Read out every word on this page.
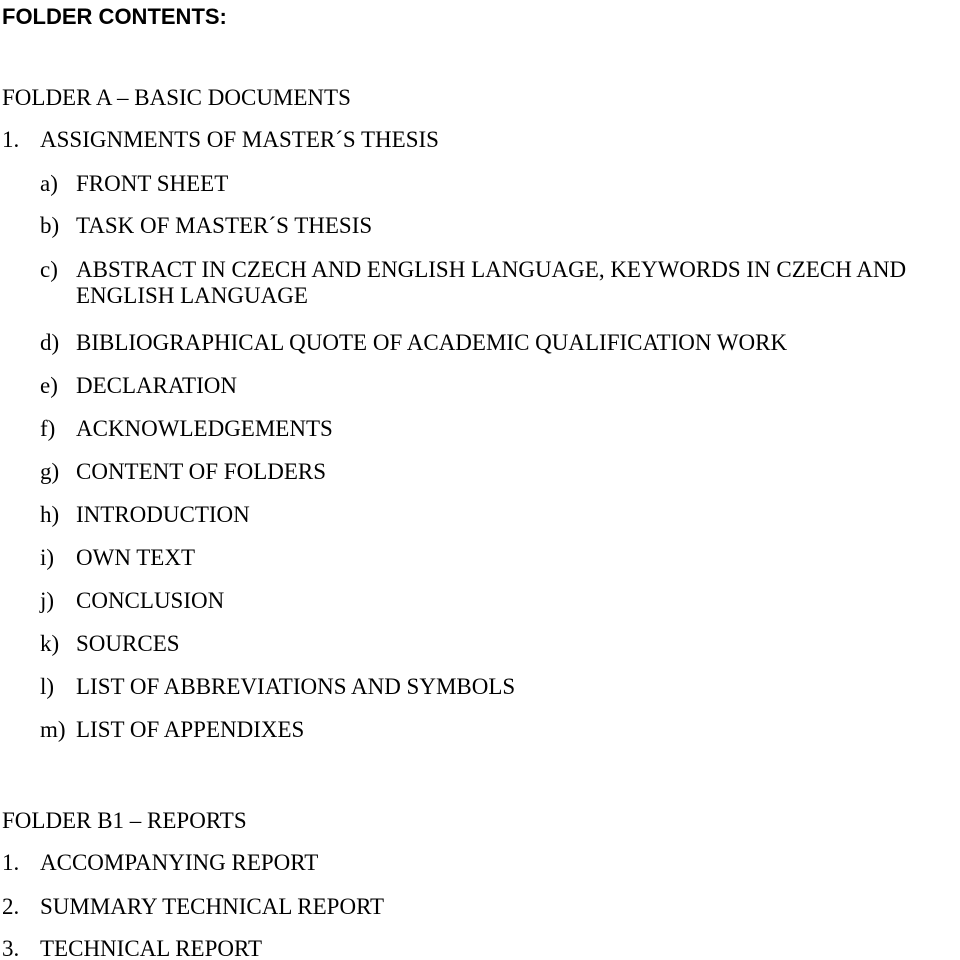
FOLDER CONTENTS:
FOLDER A – BASIC DOCUMENTS
1. ASSIGNMENTS OF MASTER´S THESIS
a) FRONT SHEET
b) TASK OF MASTER´S THESIS
c) ABSTRACT IN CZECH AND ENGLISH LANGUAGE, KEYWORDS IN CZECH AND ENGLISH LANGUAGE
d) BIBLIOGRAPHICAL QUOTE OF ACADEMIC QUALIFICATION WORK
e) DECLARATION
f) ACKNOWLEDGEMENTS
g) CONTENT OF FOLDERS
h) INTRODUCTION
i) OWN TEXT
j) CONCLUSION
k) SOURCES
l) LIST OF ABBREVIATIONS AND SYMBOLS
m) LIST OF APPENDIXES
FOLDER B1 – REPORTS
1. ACCOMPANYING REPORT
2. SUMMARY TECHNICAL REPORT
3. TECHNICAL REPORT
